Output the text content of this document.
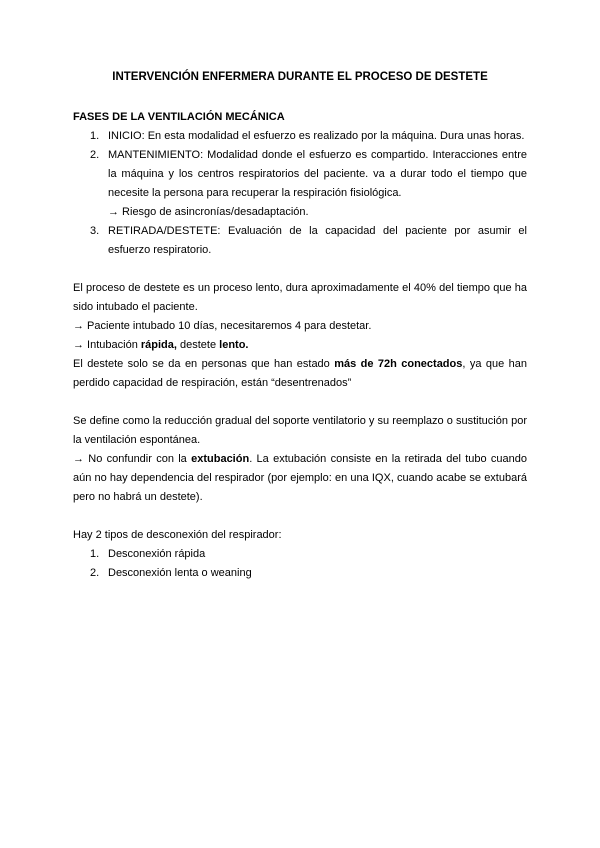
INTERVENCIÓN ENFERMERA DURANTE EL PROCESO DE DESTETE

FASES DE LA VENTILACIÓN MECÁNICA

1. INICIO: En esta modalidad el esfuerzo es realizado por la máquina. Dura unas horas.
2. MANTENIMIENTO: Modalidad donde el esfuerzo es compartido. Interacciones entre la máquina y los centros respiratorios del paciente. va a durar todo el tiempo que necesite la persona para recuperar la respiración fisiológica.
→ Riesgo de asincronías/desadaptación.
3. RETIRADA/DESTETE: Evaluación de la capacidad del paciente por asumir el esfuerzo respiratorio.

El proceso de destete es un proceso lento, dura aproximadamente el 40% del tiempo que ha sido intubado el paciente.

→ Paciente intubado 10 días, necesitaremos 4 para destetar.

→ Intubación rápida, destete lento.

El destete solo se da en personas que han estado más de 72h conectados, ya que han perdido capacidad de respiración, están “desentrenados”

Se define como la reducción gradual del soporte ventilatorio y su reemplazo o sustitución por la ventilación espontánea.

→ No confundir con la extubación. La extubación consiste en la retirada del tubo cuando aún no hay dependencia del respirador (por ejemplo: en una IQX, cuando acabe se extubará pero no habrá un destete).

Hay 2 tipos de desconexión del respirador:

1. Desconexión rápida
2. Desconexión lenta o weaning
